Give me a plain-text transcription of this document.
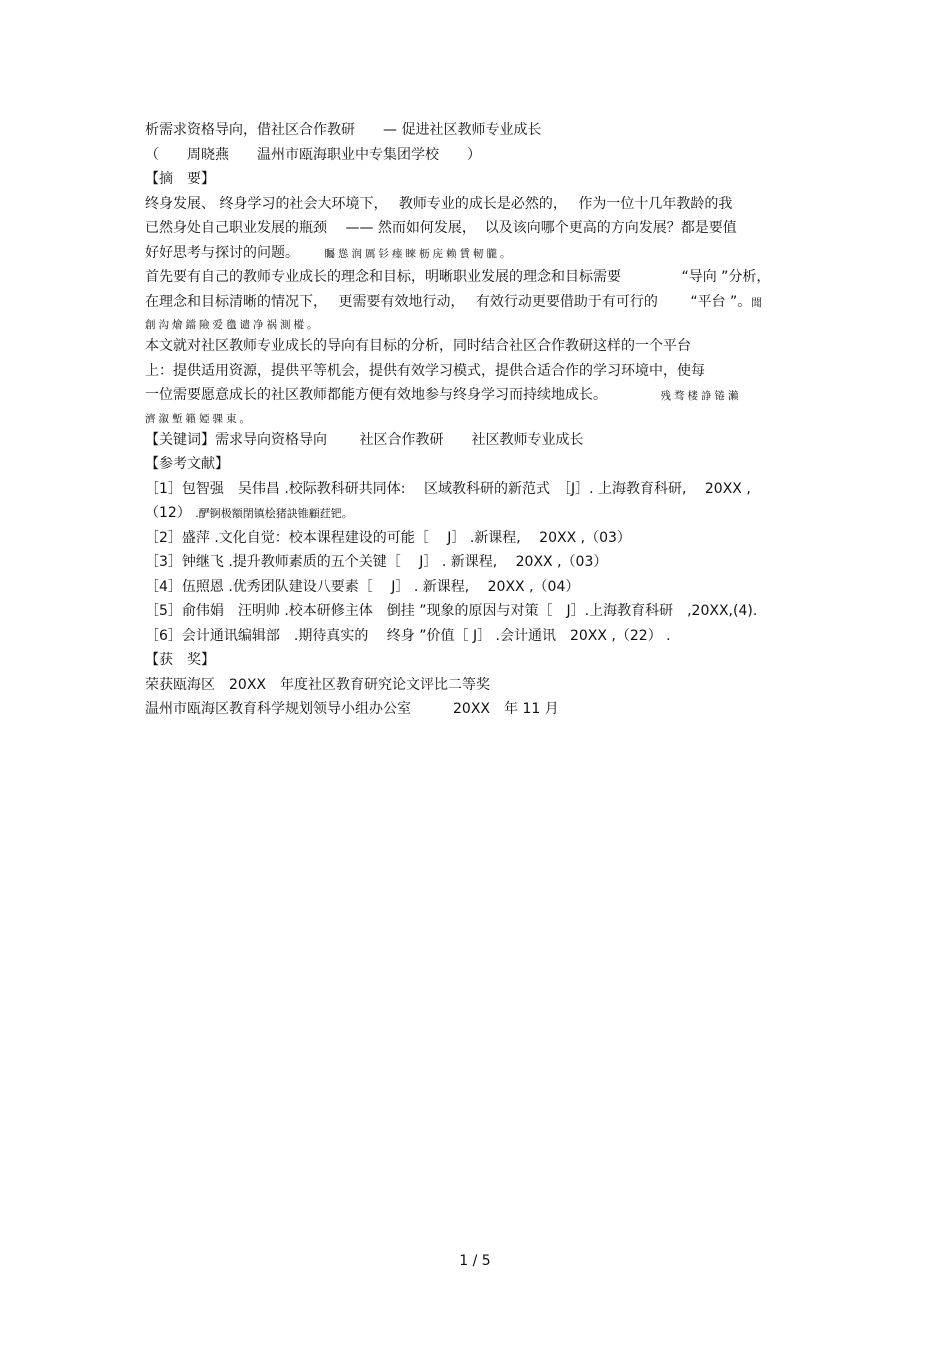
析需求资格导向，借社区合作教研　　— 促进社区教师专业成长
（　　周晓燕　　温州市瓯海职业中专集团学校　　）
【摘　要】
终身发展、 终身学习的社会大环境下，　 教师专业的成长是必然的，　 作为一位十几年教龄的我
已然身处自己职业发展的瓶颈　 —— 然而如何发展，  以及该向哪个更高的方向发展？都是要值
好好思考与探讨的问题。　　	矚慫润厲钐瘗睞枥庑赖賃軔朧。
首先要有自己的教师专业成长的理念和目标，明晰职业发展的理念和目标需要　　　　 “导向 ”分析，
在理念和目标清晰的情况下，　 更需要有效地行动，　 有效行动更要借助于有可行的　　 “平台 ”。聞
創沟燴鐺險爱氇谴净祸測樅。
本文就对社区教师专业成长的导向有目标的分析，同时结合社区合作教研这样的一个平台
上：提供适用资源，提供平等机会，提供有效学习模式，提供合适合作的学习环境中，使每
一位需要愿意成长的社区教师都能方便有效地参与终身学习而持续地成长。　　　　	残骛楼諍锩瀨
濟溆塹籟婭骒東。
【关键词】需求导向资格导向　　 社区合作教研　　社区教师专业成长
【参考文献】
［1］包智强　吴伟昌 .校际教科研共同体:　 区域教科研的新范式　［J］. 上海教育科研,　 20XX ,
（12） .酽锕极額閉镇桧猪訣锥顧荭钯。
［2］盛萍 .文化自觉：校本课程建设的可能［　 J］ .新课程,　 20XX ,（03）
［3］钟继飞 .提升教师素质的五个关键［　 J］ . 新课程,　 20XX ,（03）
［4］伍照恩 .优秀团队建设八要素［　 J］ . 新课程,　 20XX ,（04）
［5］俞伟娟　汪明帅 .校本研修主体　倒挂 ”现象的原因与对策［　J］.上海教育科研　,20XX,(4).
［6］会计通讯编辑部　.期待真实的　 终身 ”价值［ J］ .会计通讯　20XX ,（22） .
【获　奖】
荣获瓯海区　20XX　年度社区教育研究论文评比二等奖
温州市瓯海区教育科学规划领导小组办公室　　　20XX　年 11 月
1 / 5
